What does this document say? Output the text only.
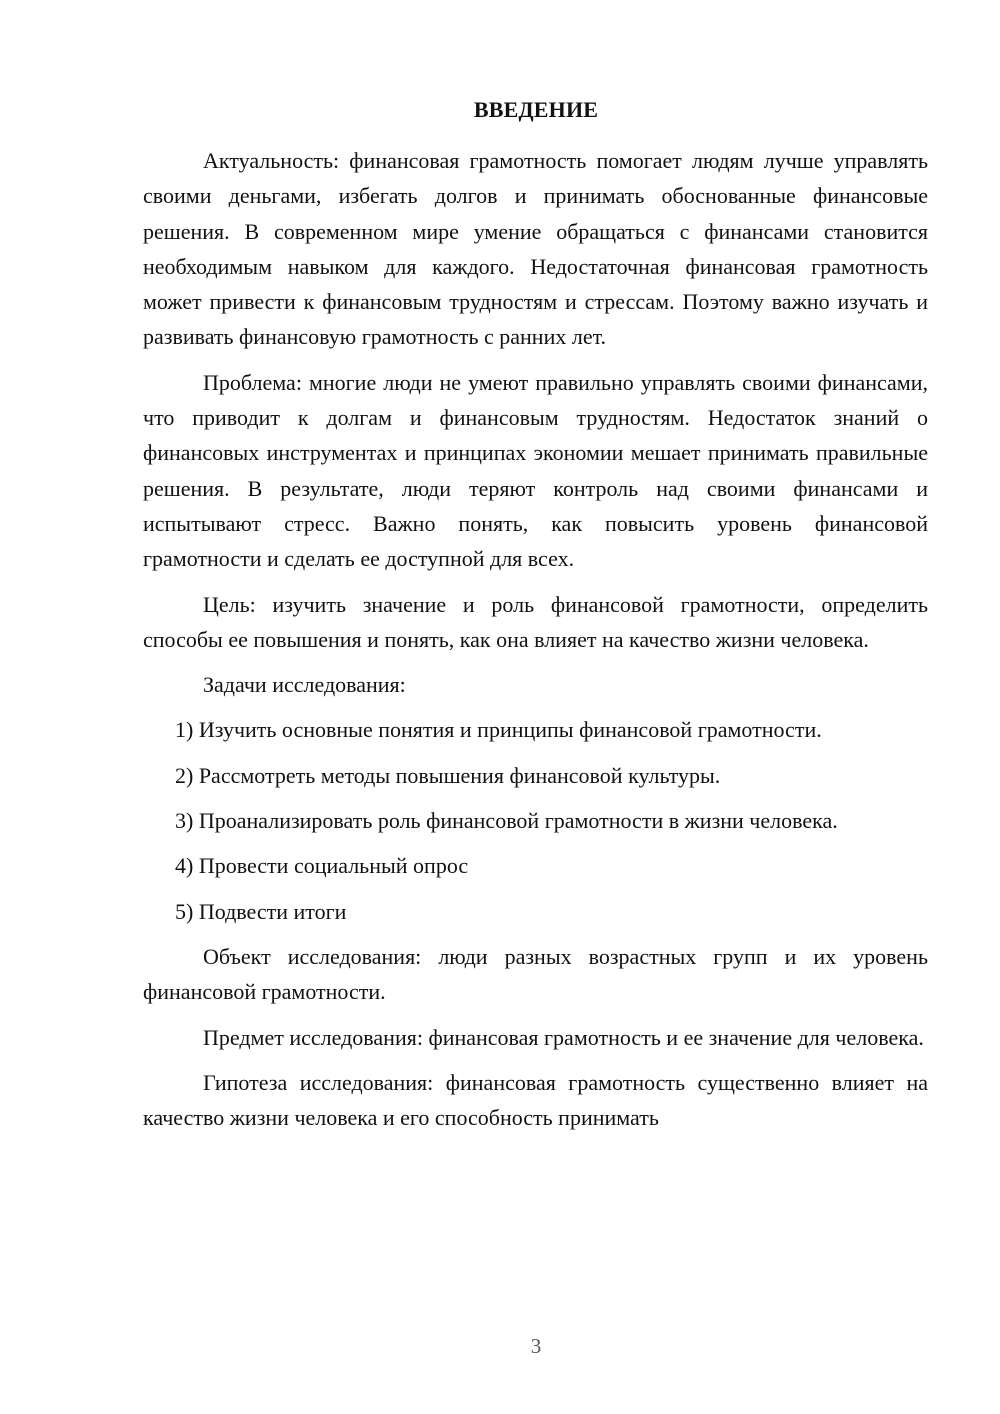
ВВЕДЕНИЕ

Актуальность: финансовая грамотность помогает людям лучше управлять своими деньгами, избегать долгов и принимать обоснованные финансовые решения. В современном мире умение обращаться с финансами становится необходимым навыком для каждого. Недостаточная финансовая грамотность может привести к финансовым трудностям и стрессам. Поэтому важно изучать и развивать финансовую грамотность с ранних лет.

Проблема: многие люди не умеют правильно управлять своими финансами, что приводит к долгам и финансовым трудностям. Недостаток знаний о финансовых инструментах и принципах экономии мешает принимать правильные решения. В результате, люди теряют контроль над своими финансами и испытывают стресс. Важно понять, как повысить уровень финансовой грамотности и сделать ее доступной для всех.

Цель: изучить значение и роль финансовой грамотности, определить способы ее повышения и понять, как она влияет на качество жизни человека.

Задачи исследования:

1) Изучить основные понятия и принципы финансовой грамотности.

2) Рассмотреть методы повышения финансовой культуры.

3) Проанализировать роль финансовой грамотности в жизни человека.

4) Провести социальный опрос

5) Подвести итоги

Объект исследования: люди разных возрастных групп и их уровень финансовой грамотности.

Предмет исследования: финансовая грамотность и ее значение для человека.

Гипотеза исследования: финансовая грамотность существенно влияет на качество жизни человека и его способность принимать

3
